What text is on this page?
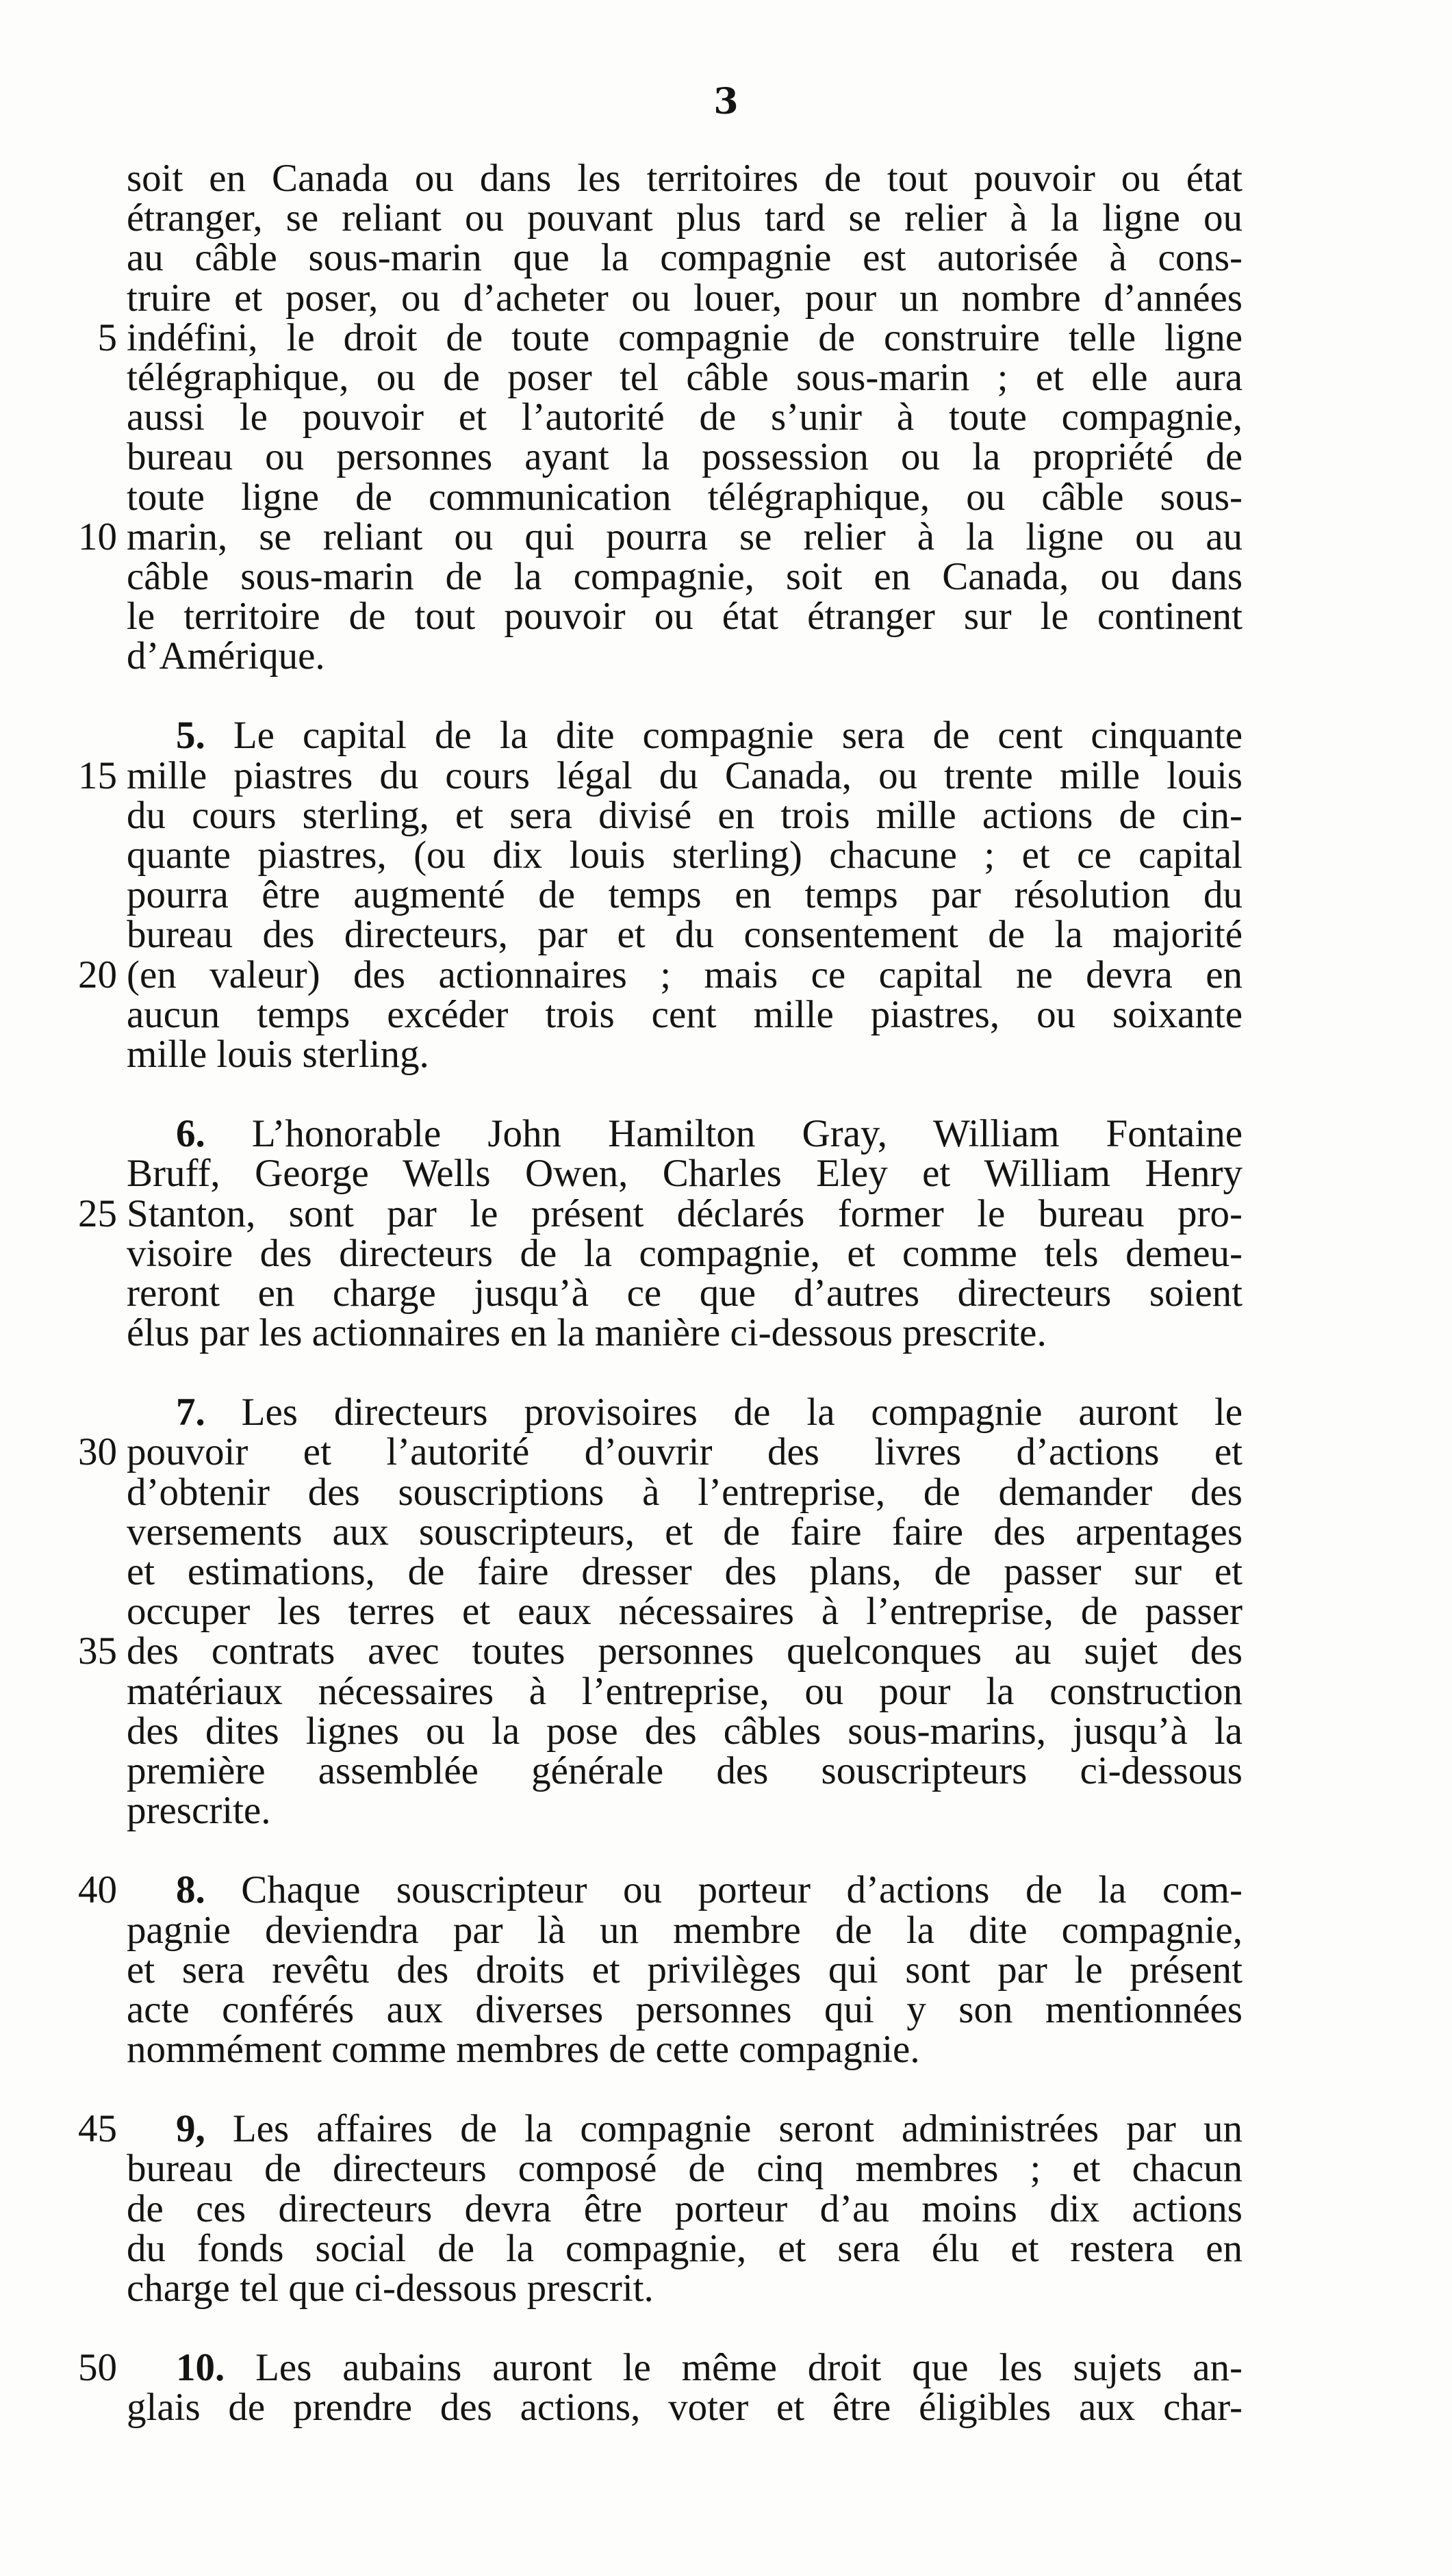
3
soit en Canada ou dans les territoires de tout pouvoir ou état
étranger, se reliant ou pouvant plus tard se relier à la ligne ou
au câble sous-marin que la compagnie est autorisée à cons-
truire et poser, ou d’acheter ou louer, pour un nombre d’années
5 indéfini, le droit de toute compagnie de construire telle ligne
télégraphique, ou de poser tel câble sous-marin ; et elle aura
aussi le pouvoir et l’autorité de s’unir à toute compagnie,
bureau ou personnes ayant la possession ou la propriété de
toute ligne de communication télégraphique, ou câble sous-
10 marin, se reliant ou qui pourra se relier à la ligne ou au
câble sous-marin de la compagnie, soit en Canada, ou dans
le territoire de tout pouvoir ou état étranger sur le continent
d’Amérique.
5. Le capital de la dite compagnie sera de cent cinquante
15 mille piastres du cours légal du Canada, ou trente mille louis
du cours sterling, et sera divisé en trois mille actions de cin-
quante piastres, (ou dix louis sterling) chacune ; et ce capital
pourra être augmenté de temps en temps par résolution du
bureau des directeurs, par et du consentement de la majorité
20 (en valeur) des actionnaires ; mais ce capital ne devra en
aucun temps excéder trois cent mille piastres, ou soixante
mille louis sterling.
6. L’honorable John Hamilton Gray, William Fontaine
Bruff, George Wells Owen, Charles Eley et William Henry
25 Stanton, sont par le présent déclarés former le bureau pro-
visoire des directeurs de la compagnie, et comme tels demeu-
reront en charge jusqu’à ce que d’autres directeurs soient
élus par les actionnaires en la manière ci-dessous prescrite.
7. Les directeurs provisoires de la compagnie auront le
30 pouvoir et l’autorité d’ouvrir des livres d’actions et
d’obtenir des souscriptions à l’entreprise, de demander des
versements aux souscripteurs, et de faire faire des arpentages
et estimations, de faire dresser des plans, de passer sur et
occuper les terres et eaux nécessaires à l’entreprise, de passer
35 des contrats avec toutes personnes quelconques au sujet des
matériaux nécessaires à l’entreprise, ou pour la construction
des dites lignes ou la pose des câbles sous-marins, jusqu’à la
première assemblée générale des souscripteurs ci-dessous
prescrite.
40 8. Chaque souscripteur ou porteur d’actions de la com-
pagnie deviendra par là un membre de la dite compagnie,
et sera revêtu des droits et privilèges qui sont par le présent
acte conférés aux diverses personnes qui y son mentionnées
nommément comme membres de cette compagnie.
45 9, Les affaires de la compagnie seront administrées par un
bureau de directeurs composé de cinq membres ; et chacun
de ces directeurs devra être porteur d’au moins dix actions
du fonds social de la compagnie, et sera élu et restera en
charge tel que ci-dessous prescrit.
50 10. Les aubains auront le même droit que les sujets an-
glais de prendre des actions, voter et être éligibles aux char-
